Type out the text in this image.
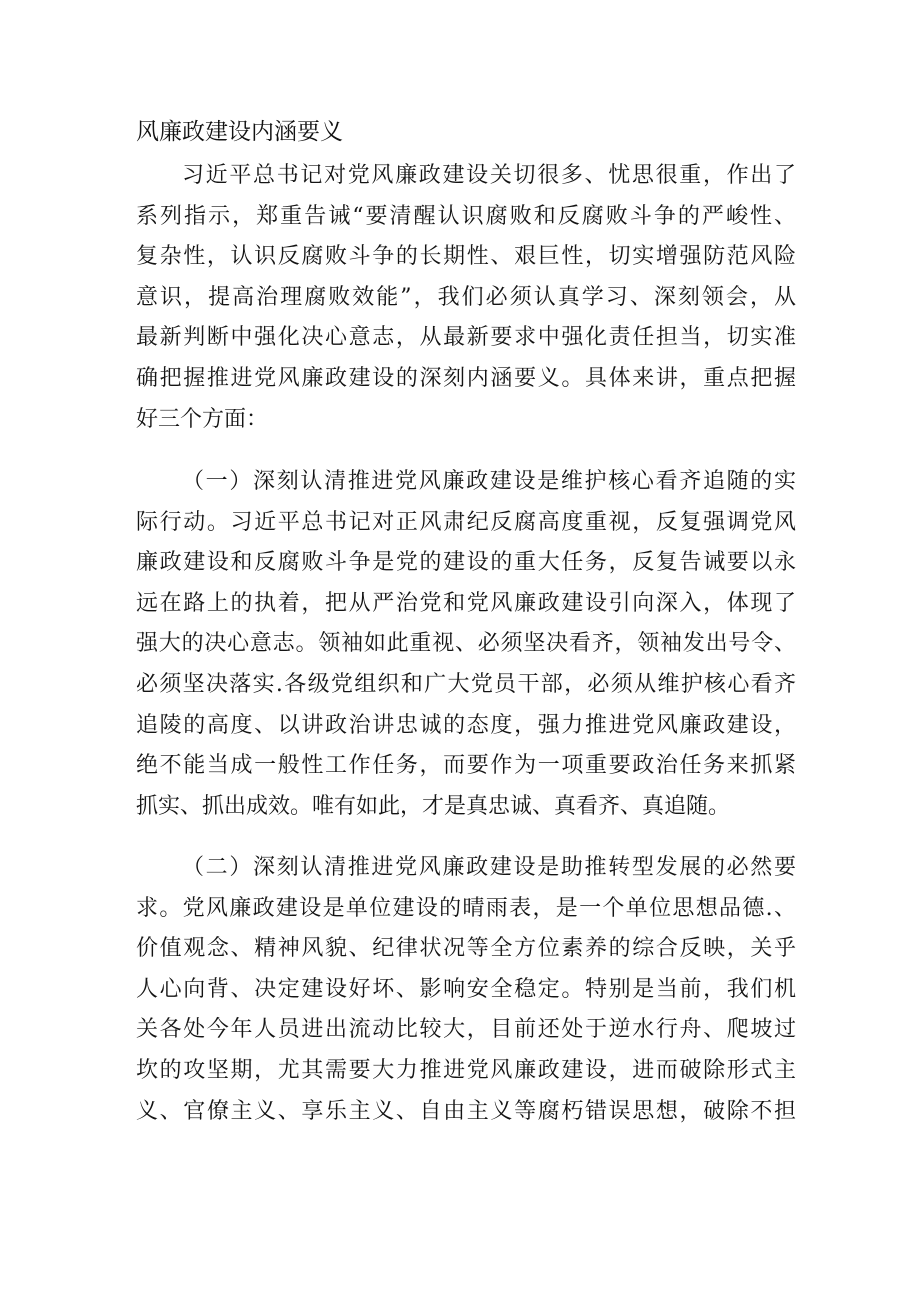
风廉政建设内涵要义
习近平总书记对党风廉政建设关切很多、忧思很重，作出了
系列指示，郑重告诫“要清醒认识腐败和反腐败斗争的严峻性、
复杂性，认识反腐败斗争的长期性、艰巨性，切实增强防范风险
意识，提高治理腐败效能”，我们必须认真学习、深刻领会，从
最新判断中强化决心意志，从最新要求中强化责任担当，切实准
确把握推进党风廉政建设的深刻内涵要义。具体来讲，重点把握
好三个方面：
（一）深刻认清推进党风廉政建设是维护核心看齐追随的实
际行动。习近平总书记对正风肃纪反腐高度重视，反复强调党风
廉政建设和反腐败斗争是党的建设的重大任务，反复告诫要以永
远在路上的执着，把从严治党和党风廉政建设引向深入，体现了
强大的决心意志。领袖如此重视、必须坚决看齐，领袖发出号令、
必须坚决落实.各级党组织和广大党员干部，必须从维护核心看齐
追陵的高度、以讲政治讲忠诚的态度，强力推进党风廉政建设，
绝不能当成一般性工作任务，而要作为一项重要政治任务来抓紧
抓实、抓出成效。唯有如此，才是真忠诚、真看齐、真追随。
（二）深刻认清推进党风廉政建设是助推转型发展的必然要
求。党风廉政建设是单位建设的晴雨表，是一个单位思想品德.、
价值观念、精神风貌、纪律状况等全方位素养的综合反映，关乎
人心向背、决定建设好坏、影响安全稳定。特别是当前，我们机
关各处今年人员进出流动比较大，目前还处于逆水行舟、爬坡过
坎的攻坚期，尤其需要大力推进党风廉政建设，进而破除形式主
义、官僚主义、享乐主义、自由主义等腐朽错误思想，破除不担
